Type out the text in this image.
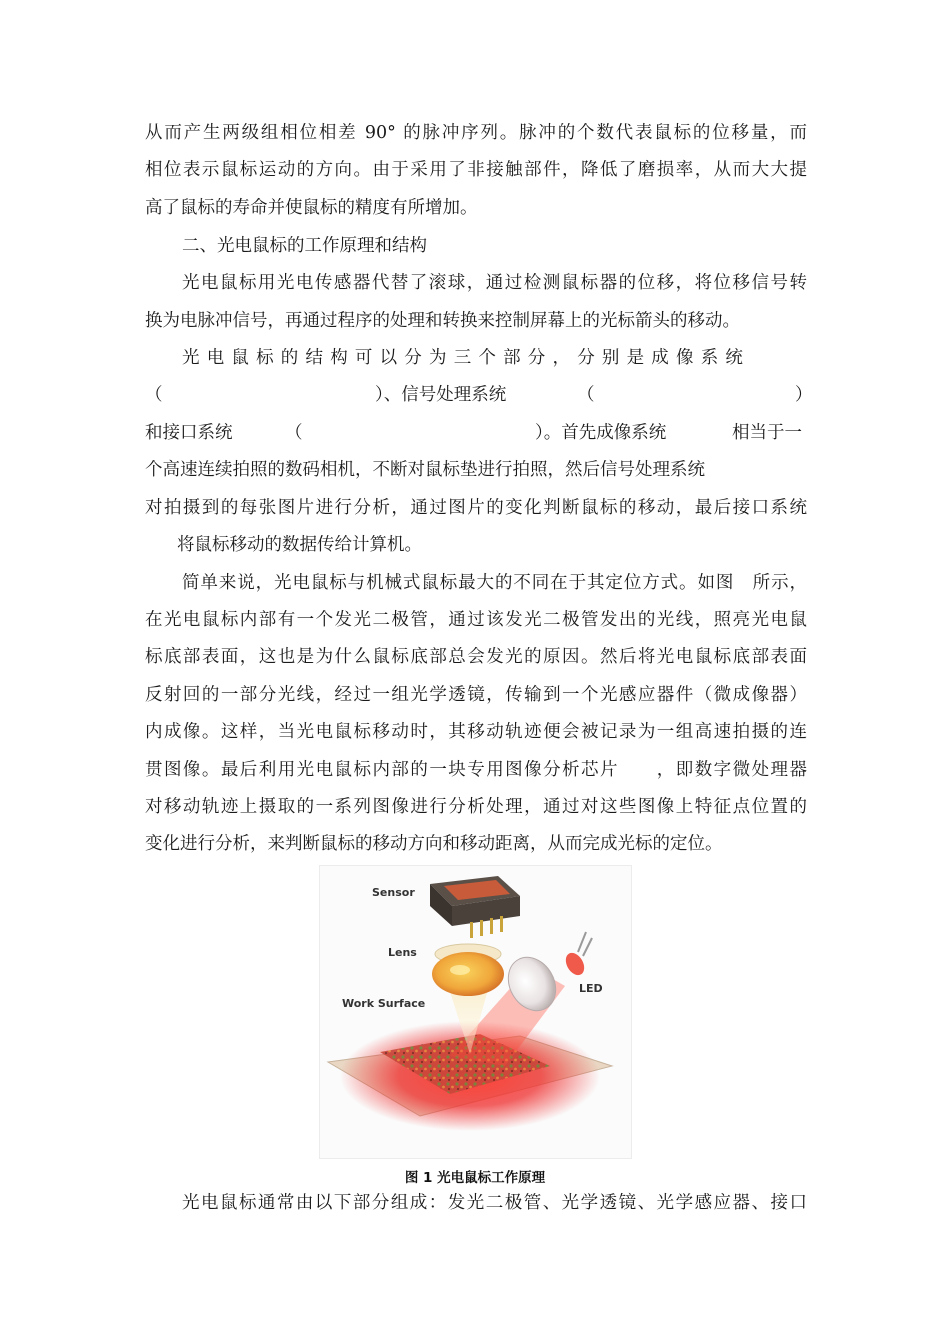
从而产生两级组相位相差 90° 的脉冲序列。脉冲的个数代表鼠标的位移量，而
相位表示鼠标运动的方向。由于采用了非接触部件，降低了磨损率，从而大大提
高了鼠标的寿命并使鼠标的精度有所增加。
二、光电鼠标的工作原理和结构
光电鼠标用光电传感器代替了滚球，通过检测鼠标器的位移，将位移信号转
换为电脉冲信号，再通过程序的处理和转换来控制屏幕上的光标箭头的移动。
光电鼠标的结构可以分为三个部分，分别是成像系统
（	）、信号处理系统	（	）
和接口系统	（	）。首先成像系统	相当于一
个高速连续拍照的数码相机，不断对鼠标垫进行拍照，然后信号处理系统
对拍摄到的每张图片进行分析，通过图片的变化判断鼠标的移动，最后接口系统
将鼠标移动的数据传给计算机。
简单来说，光电鼠标与机械式鼠标最大的不同在于其定位方式。如图　所示，
在光电鼠标内部有一个发光二极管，通过该发光二极管发出的光线，照亮光电鼠
标底部表面，这也是为什么鼠标底部总会发光的原因。然后将光电鼠标底部表面
反射回的一部分光线，经过一组光学透镜，传输到一个光感应器件（微成像器）
内成像。这样，当光电鼠标移动时，其移动轨迹便会被记录为一组高速拍摄的连
贯图像。最后利用光电鼠标内部的一块专用图像分析芯片　　，即数字微处理器
对移动轨迹上摄取的一系列图像进行分析处理，通过对这些图像上特征点位置的
变化进行分析，来判断鼠标的移动方向和移动距离，从而完成光标的定位。
Sensor
Lens
Work Surface
LED
图 1 光电鼠标工作原理
光电鼠标通常由以下部分组成：发光二极管、光学透镜、光学感应器、接口
